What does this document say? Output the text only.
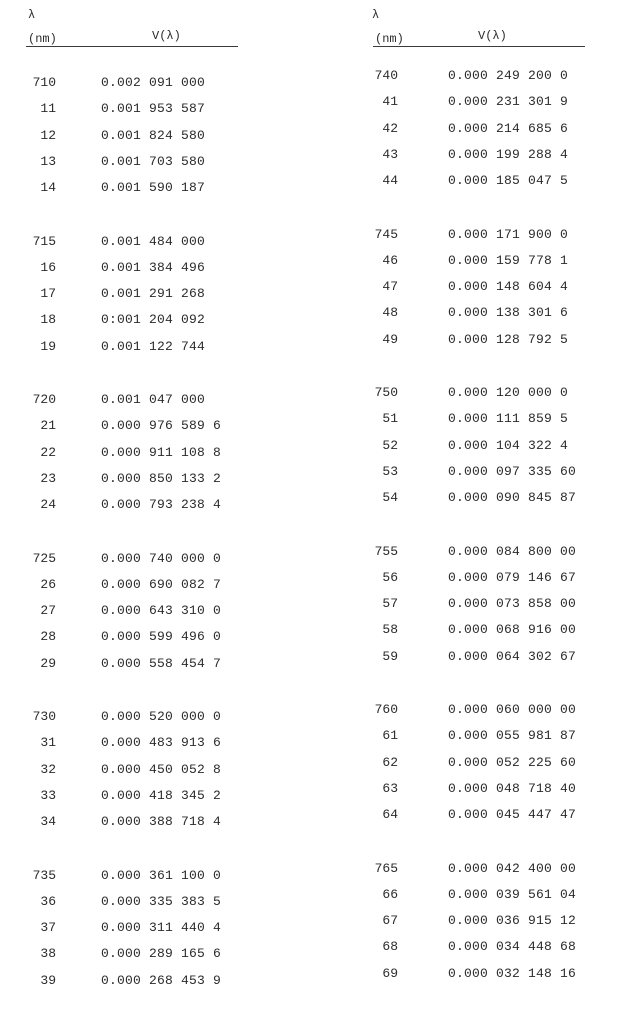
λ
(nm)	V(λ)
710	0.002 091 000
11	0.001 953 587
12	0.001 824 580
13	0.001 703 580
14	0.001 590 187
715	0.001 484 000
16	0.001 384 496
17	0.001 291 268
18	0:001 204 092
19	0.001 122 744
720	0.001 047 000
21	0.000 976 589 6
22	0.000 911 108 8
23	0.000 850 133 2
24	0.000 793 238 4
725	0.000 740 000 0
26	0.000 690 082 7
27	0.000 643 310 0
28	0.000 599 496 0
29	0.000 558 454 7
730	0.000 520 000 0
31	0.000 483 913 6
32	0.000 450 052 8
33	0.000 418 345 2
34	0.000 388 718 4
735	0.000 361 100 0
36	0.000 335 383 5
37	0.000 311 440 4
38	0.000 289 165 6
39	0.000 268 453 9
λ
(nm)	V(λ)
740	0.000 249 200 0
41	0.000 231 301 9
42	0.000 214 685 6
43	0.000 199 288 4
44	0.000 185 047 5
745	0.000 171 900 0
46	0.000 159 778 1
47	0.000 148 604 4
48	0.000 138 301 6
49	0.000 128 792 5
750	0.000 120 000 0
51	0.000 111 859 5
52	0.000 104 322 4
53	0.000 097 335 60
54	0.000 090 845 87
755	0.000 084 800 00
56	0.000 079 146 67
57	0.000 073 858 00
58	0.000 068 916 00
59	0.000 064 302 67
760	0.000 060 000 00
61	0.000 055 981 87
62	0.000 052 225 60
63	0.000 048 718 40
64	0.000 045 447 47
765	0.000 042 400 00
66	0.000 039 561 04
67	0.000 036 915 12
68	0.000 034 448 68
69	0.000 032 148 16
